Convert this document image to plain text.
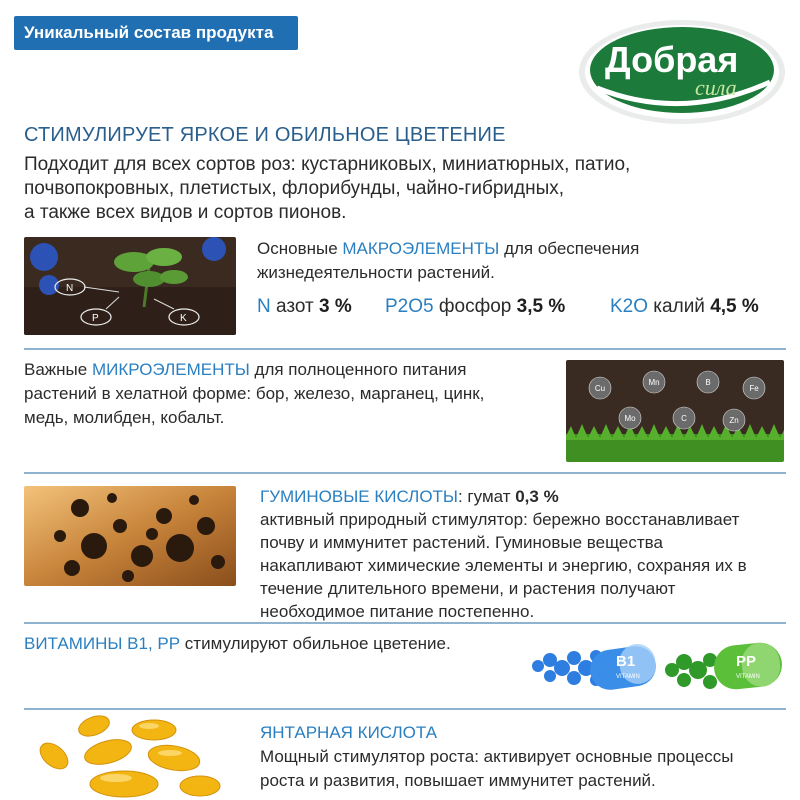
Уникальный состав продукта
Добрая
сила
СТИМУЛИРУЕТ ЯРКОЕ И ОБИЛЬНОЕ ЦВЕТЕНИЕ
Подходит для всех сортов роз: кустарниковых, миниатюрных, патио,
почвопокровных, плетистых, флорибунды, чайно-гибридных,
а также всех видов и сортов пионов.
N
P	K
Основные МАКРОЭЛЕМЕНТЫ для обеспечения
жизнедеятельности растений.
N азот 3 % P2O5 фосфор 3,5 % K2O калий 4,5 %
Важные МИКРОЭЛЕМЕНТЫ для полноценного питания
растений в хелатной форме: бор, железо, марганец, цинк,
медь, молибден, кобальт.
Cu
Mn	B
Fe
Mo	C	Zn
ГУМИНОВЫЕ КИСЛОТЫ: гумат 0,3 %
активный природный стимулятор: бережно восстанавливает
почву и иммунитет растений. Гуминовые вещества
накапливают химические элементы и энергию, сохраняя их в
течение длительного времени, и растения получают
необходимое питание постепенно.
ВИТАМИНЫ В1, РР стимулируют обильное цветение.
B1
VITAMIN
PP
VITAMIN
ЯНТАРНАЯ КИСЛОТА
Мощный стимулятор роста: активирует основные процессы
роста и развития, повышает иммунитет растений.
